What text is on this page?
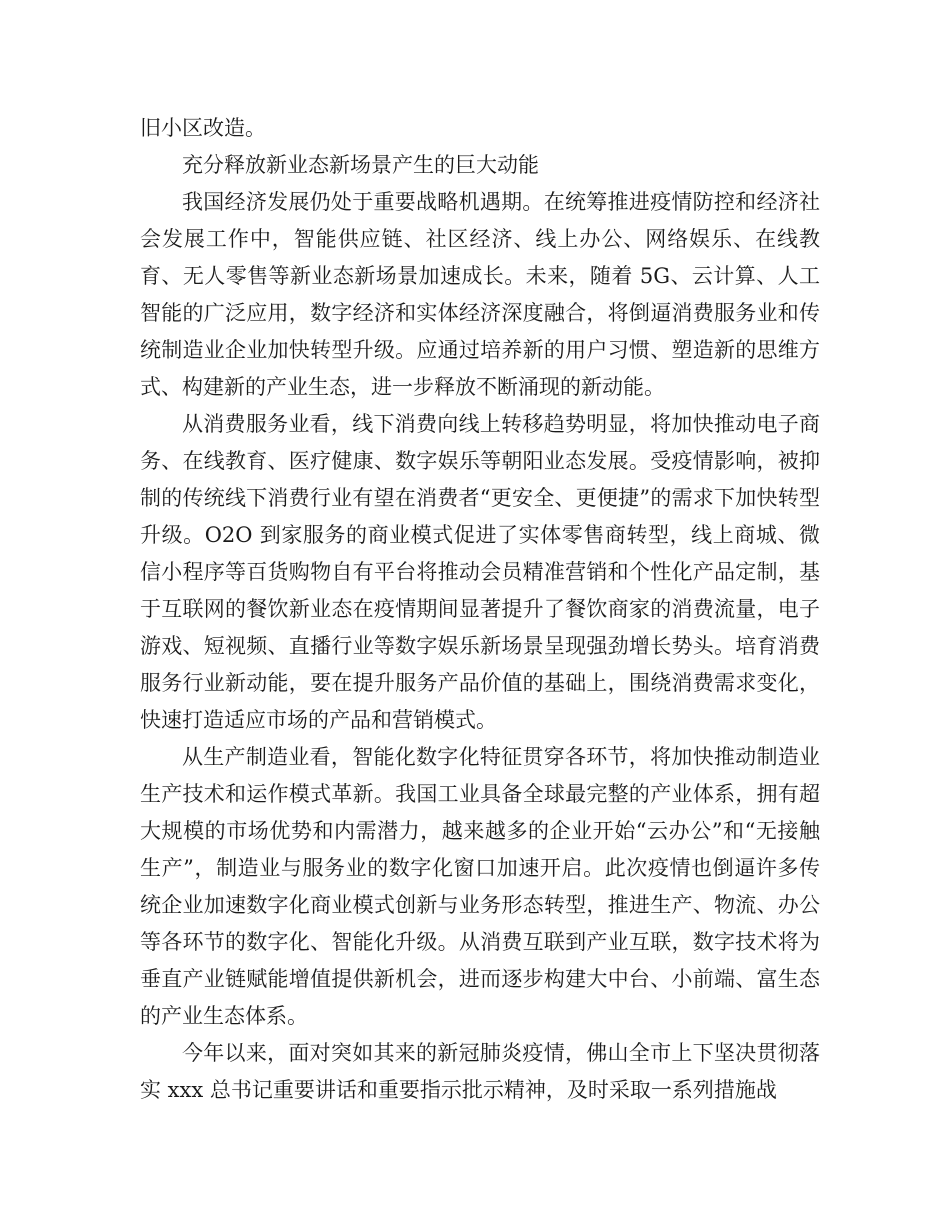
旧小区改造。

充分释放新业态新场景产生的巨大动能

我国经济发展仍处于重要战略机遇期。在统筹推进疫情防控和经济社会发展工作中，智能供应链、社区经济、线上办公、网络娱乐、在线教育、无人零售等新业态新场景加速成长。未来，随着 5G、云计算、人工智能的广泛应用，数字经济和实体经济深度融合，将倒逼消费服务业和传统制造业企业加快转型升级。应通过培养新的用户习惯、塑造新的思维方式、构建新的产业生态，进一步释放不断涌现的新动能。

从消费服务业看，线下消费向线上转移趋势明显，将加快推动电子商务、在线教育、医疗健康、数字娱乐等朝阳业态发展。受疫情影响，被抑制的传统线下消费行业有望在消费者“更安全、更便捷”的需求下加快转型升级。O2O 到家服务的商业模式促进了实体零售商转型，线上商城、微信小程序等百货购物自有平台将推动会员精准营销和个性化产品定制，基于互联网的餐饮新业态在疫情期间显著提升了餐饮商家的消费流量，电子游戏、短视频、直播行业等数字娱乐新场景呈现强劲增长势头。培育消费服务行业新动能，要在提升服务产品价值的基础上，围绕消费需求变化，快速打造适应市场的产品和营销模式。

从生产制造业看，智能化数字化特征贯穿各环节，将加快推动制造业生产技术和运作模式革新。我国工业具备全球最完整的产业体系，拥有超大规模的市场优势和内需潜力，越来越多的企业开始“云办公”和“无接触生产”，制造业与服务业的数字化窗口加速开启。此次疫情也倒逼许多传统企业加速数字化商业模式创新与业务形态转型，推进生产、物流、办公等各环节的数字化、智能化升级。从消费互联到产业互联，数字技术将为垂直产业链赋能增值提供新机会，进而逐步构建大中台、小前端、富生态的产业生态体系。

今年以来，面对突如其来的新冠肺炎疫情，佛山全市上下坚决贯彻落实 xxx 总书记重要讲话和重要指示批示精神，及时采取一系列措施战
